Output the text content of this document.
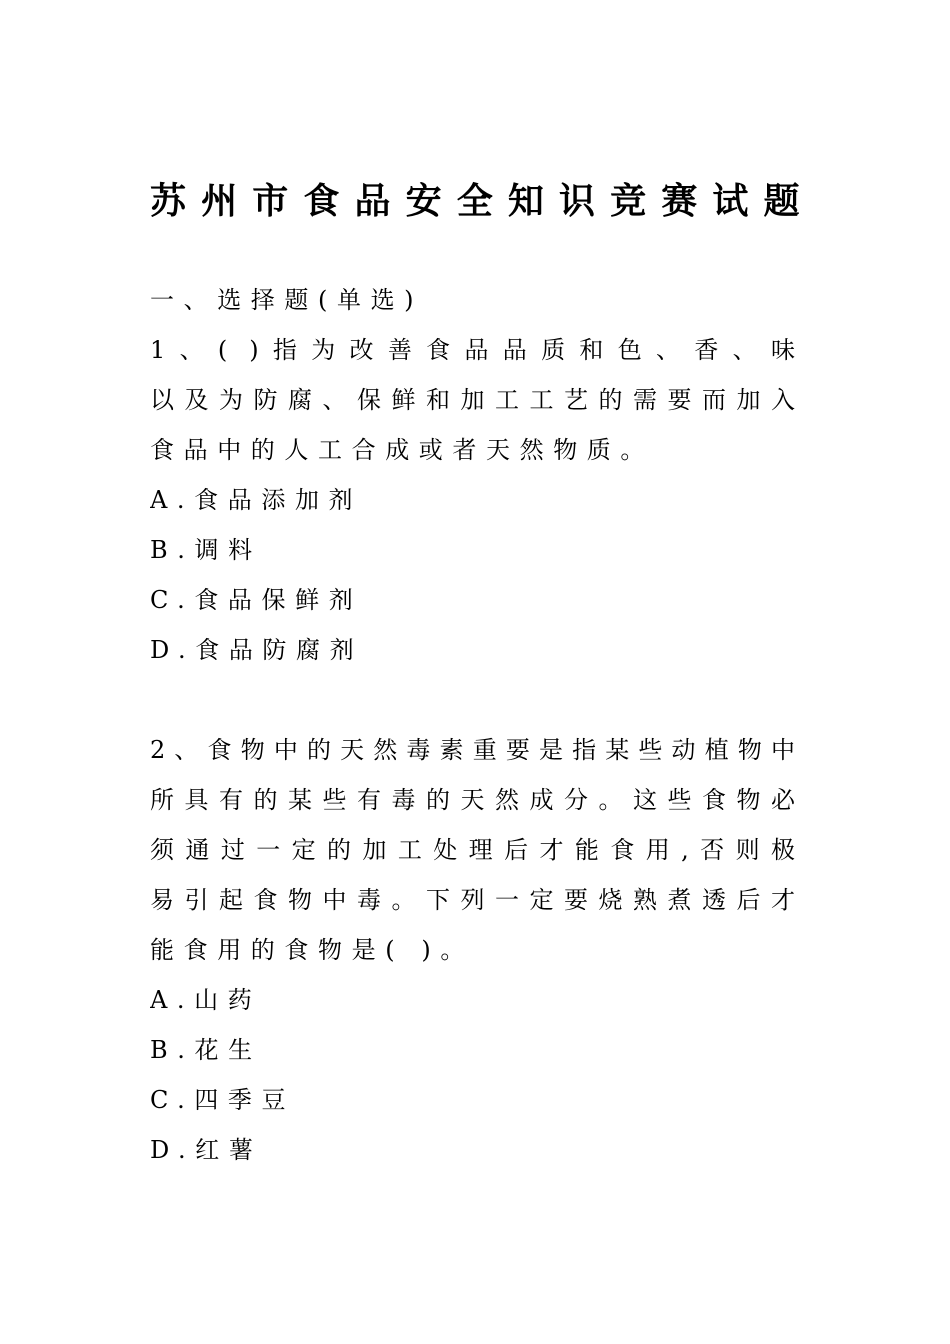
苏州市食品安全知识竞赛试题
一、选择题(单选)
1、( )指为改善食品品质和色、香、味
以及为防腐、保鲜和加工工艺的需要而加入
食品中的人工合成或者天然物质。
A.食品添加剂
B.调料
C.食品保鲜剂
D.食品防腐剂
2、食物中的天然毒素重要是指某些动植物中
所具有的某些有毒的天然成分。这些食物必
须通过一定的加工处理后才能食用,否则极
易引起食物中毒。下列一定要烧熟煮透后才
能食用的食物是( )。
A.山药
B.花生
C.四季豆
D.红薯
